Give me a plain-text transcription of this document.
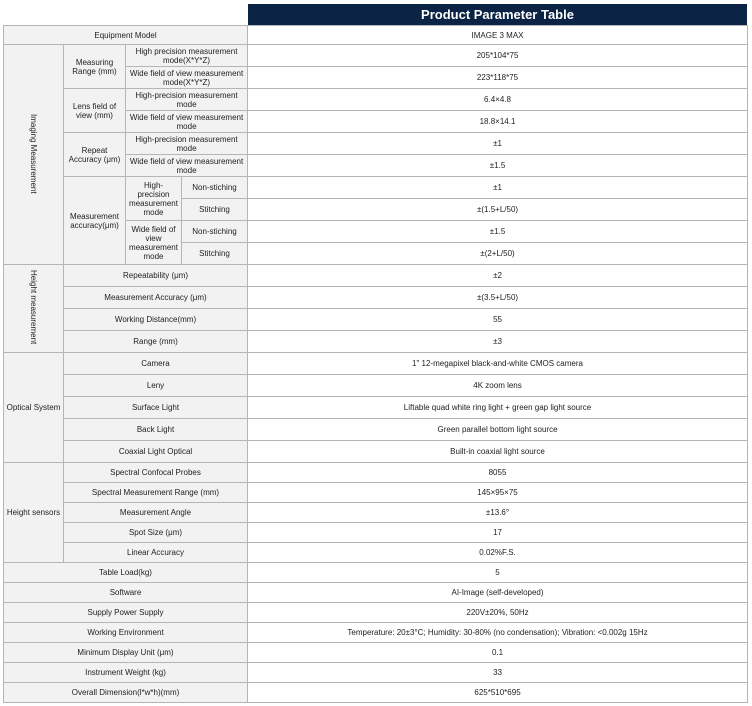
Product Parameter Table
Equipment Model				IMAGE 3 MAX
Imaging Measurement	Measuring Range (mm)	High precision measurement mode(X*Y*Z)		205*104*75
		Wide field of view measurement mode(X*Y*Z)		223*118*75
	Lens field of view (mm)	High-precision measurement mode		6.4×4.8
		Wide field of view measurement mode		18.8×14.1
	Repeat Accuracy (μm)	High-precision measurement mode		±1
		Wide field of view measurement mode		±1.5
	Measurement accuracy(μm)	High-precision measurement mode	Non-stiching	±1
			Stitching	±(1.5+L/50)
		Wide field of view measurement mode	Non-stiching	±1.5
			Stitching	±(2+L/50)
Height measurement	Repeatability (μm)			±2
	Measurement Accuracy (μm)			±(3.5+L/50)
	Working Distance(mm)			55
	Range (mm)			±3
Optical System	Camera			1" 12-megapixel black-and-white CMOS camera
	Leny			4K zoom lens
	Surface Light			Liftable quad white ring light + green gap light source
	Back Light			Green parallel bottom light source
	Coaxial Light Optical			Built-in coaxial light source
Height sensors	Spectral Confocal Probes			8055
	Spectral Measurement Range (mm)			145×95×75
	Measurement Angle			±13.6°
	Spot Size (μm)			17
	Linear Accuracy			0.02%F.S.
Table Load(kg)				5
Software				AI-Image (self-developed)
Supply Power Supply				220V±20%, 50Hz
Working Environment				Temperature: 20±3°C; Humidity: 30-80% (no condensation); Vibration: <0.002g 15Hz
Minimum Display Unit (μm)				0.1
Instrument Weight (kg)				33
Overall Dimension(l*w*h)(mm)				625*510*695
